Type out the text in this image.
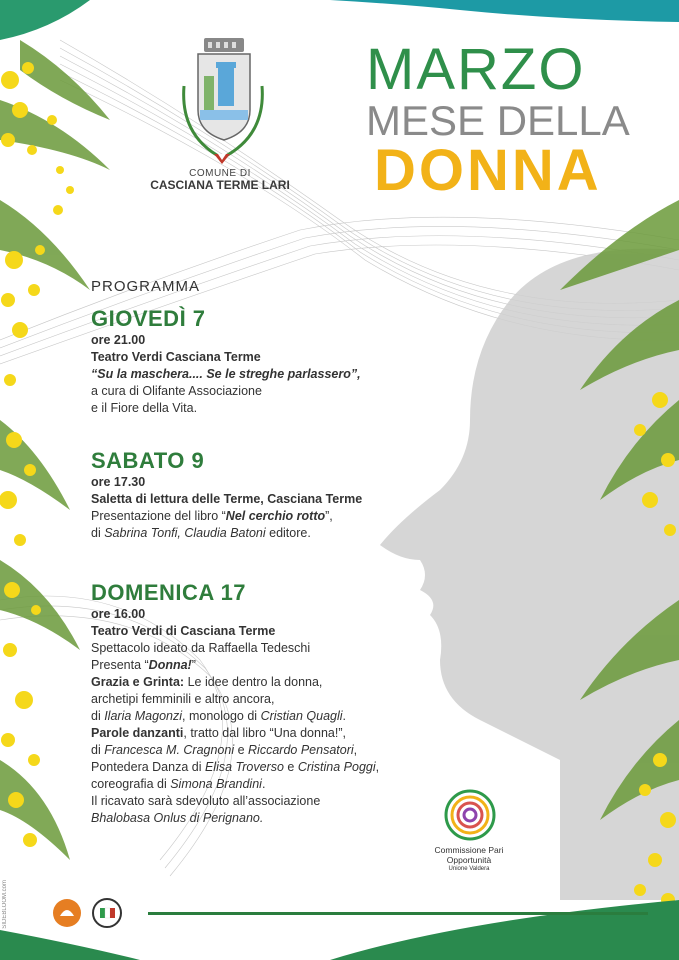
COMUNE DI
CASCIANA TERME LARI
MARZO
MESE DELLA
DONNA
PROGRAMMA
GIOVEDÌ 7
ore 21.00
Teatro Verdi Casciana Terme
“Su la maschera.... Se le streghe parlassero”,
a cura di Olifante Associazione
e il Fiore della Vita.
SABATO 9
ore 17.30
Saletta di lettura delle Terme, Casciana Terme
Presentazione del libro “Nel cerchio rotto”,
di Sabrina Tonfi, Claudia Batoni editore.
DOMENICA 17
ore 16.00
Teatro Verdi di Casciana Terme
Spettacolo ideato da Raffaella Tedeschi
Presenta “Donna!”
Grazia e Grinta: Le idee dentro la donna,
archetipi femminili e altro ancora,
di Ilaria Magonzi, monologo di Cristian Quagli.
Parole danzanti, tratto dal libro “Una donna!”,
di Francesca M. Cragnoni e Riccardo Pensatori,
Pontedera Danza di Elisa Troverso e Cristina Poggi,
coreografia di Simona Brandini.
Il ricavato sarà sdevoluto all’associazione
Bhalobasa Onlus di Perignano.
Commissione Pari
Opportunità
Unione Valdera
SIDEBLOOM.com
